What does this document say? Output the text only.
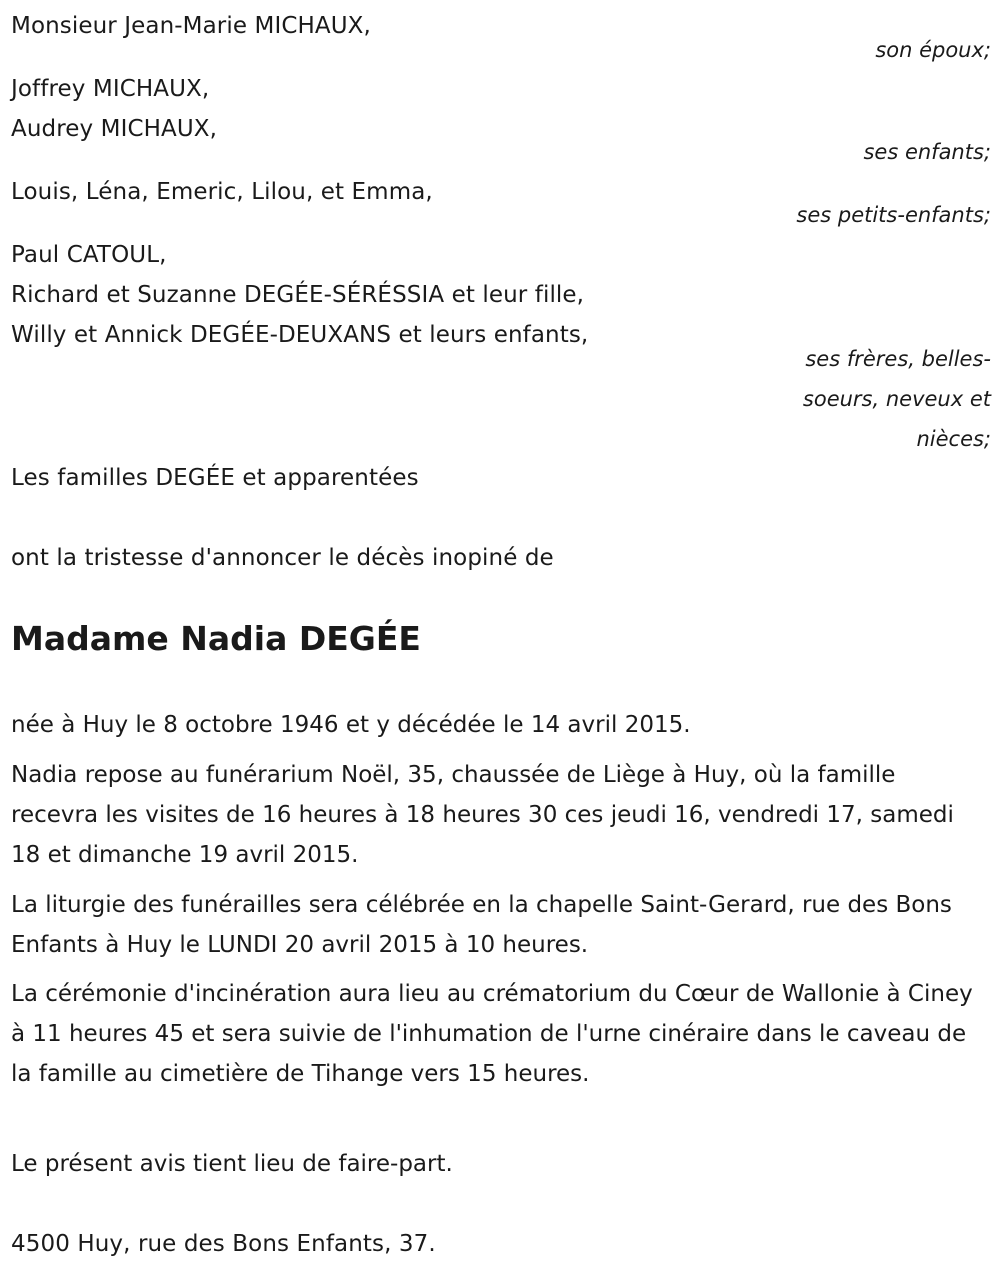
Monsieur Jean-Marie MICHAUX,
son époux;
Joffrey MICHAUX,
Audrey MICHAUX,
ses enfants;
Louis, Léna, Emeric, Lilou, et Emma,
ses petits-enfants;
Paul CATOUL,
Richard et Suzanne DEGÉE-SÉRÉSSIA et leur fille,
Willy et Annick DEGÉE-DEUXANS et leurs enfants,
ses frères, belles-soeurs, neveux et nièces;
Les familles DEGÉE et apparentées
ont la tristesse d'annoncer le décès inopiné de
Madame Nadia DEGÉE
née à Huy le 8 octobre 1946 et y décédée le 14 avril 2015.
Nadia repose au funérarium Noël, 35, chaussée de Liège à Huy, où la famille recevra les visites de 16 heures à 18 heures 30 ces jeudi 16, vendredi 17, samedi 18 et dimanche 19 avril 2015.
La liturgie des funérailles sera célébrée en la chapelle Saint-Gerard, rue des Bons Enfants à Huy le LUNDI 20 avril 2015 à 10 heures.
La cérémonie d'incinération aura lieu au crématorium du Cœur de Wallonie à Ciney à 11 heures 45 et sera suivie de l'inhumation de l'urne cinéraire dans le caveau de la famille au cimetière de Tihange vers 15 heures.
Le présent avis tient lieu de faire-part.
4500 Huy, rue des Bons Enfants, 37.
